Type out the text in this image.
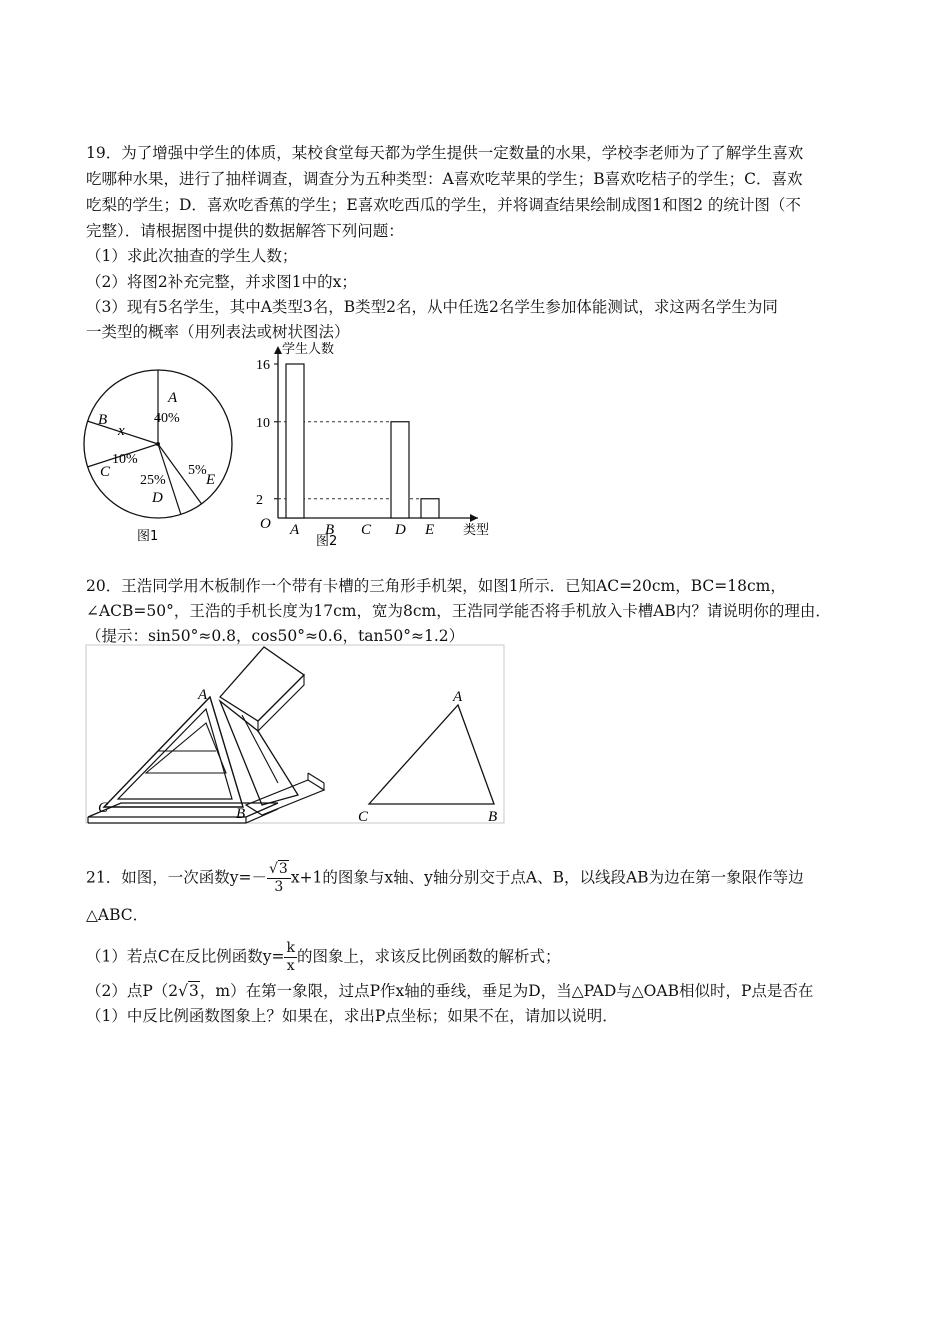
19．为了增强中学生的体质，某校食堂每天都为学生提供一定数量的水果，学校李老师为了了解学生喜欢
吃哪种水果，进行了抽样调查，调查分为五种类型：A喜欢吃苹果的学生；B喜欢吃桔子的学生；C．喜欢
吃梨的学生；D．喜欢吃香蕉的学生；E喜欢吃西瓜的学生，并将调查结果绘制成图1和图2 的统计图（不
完整）．请根据图中提供的数据解答下列问题：
（1）求此次抽查的学生人数；
（2）将图2补充完整，并求图1中的x；
（3）现有5名学生，其中A类型3名，B类型2名，从中任选2名学生参加体能测试，求这两名学生为同
一类型的概率（用列表法或树状图法）
A
40%
B
x
C
10%
D
25%	E
5%
图1
2
10
16
A B C D E
学生人数
类型
O
图2
20．王浩同学用木板制作一个带有卡槽的三角形手机架，如图1所示．已知AC=20cm，BC=18cm，
∠ACB=50°，王浩的手机长度为17cm，宽为8cm，王浩同学能否将手机放入卡槽AB内？请说明你的理由．
（提示：sin50°≈0.8，cos50°≈0.6，tan50°≈1.2）
A
C	B
A
C	B
21．如图，一次函数$y=- \frac{√3}{3} x+1$的图象与x轴、y轴分别交于点A、B，以线段AB为边在第一象限作等边
△ABC．
（1）若点C在反比例函数$y= \frac{k}{x}$ 的图象上，求该反比例函数的解析式；
（2）点P（2√3，m）在第一象限，过点P作x轴的垂线，垂足为D，当△PAD与△OAB相似时，P点是否在
（1）中反比例函数图象上？如果在，求出P点坐标；如果不在，请加以说明．
